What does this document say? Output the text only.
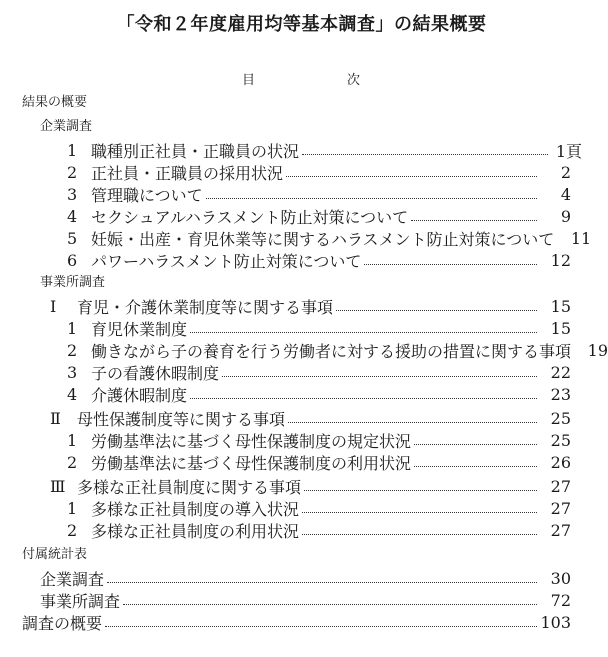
「令和２年度雇用均等基本調査」の結果概要
目次
結果の概要
企業調査
1 職種別正社員・正職員の状況	1頁
2 正社員・正職員の採用状況	2
3 管理職について	4
4 セクシュアルハラスメント防止対策について	9
5 妊娠・出産・育児休業等に関するハラスメント防止対策について	11
6 パワーハラスメント防止対策について	12
事業所調査
Ⅰ	育児・介護休業制度等に関する事項	15
1 育児休業制度	15
2 働きながら子の養育を行う労働者に対する援助の措置に関する事項	19
3 子の看護休暇制度	22
4 介護休暇制度	23
Ⅱ	母性保護制度等に関する事項	25
1 労働基準法に基づく母性保護制度の規定状況	25
2 労働基準法に基づく母性保護制度の利用状況	26
Ⅲ 多様な正社員制度に関する事項	27
1 多様な正社員制度の導入状況	27
2 多様な正社員制度の利用状況	27
付属統計表
企業調査	30
事業所調査	72
調査の概要	103
